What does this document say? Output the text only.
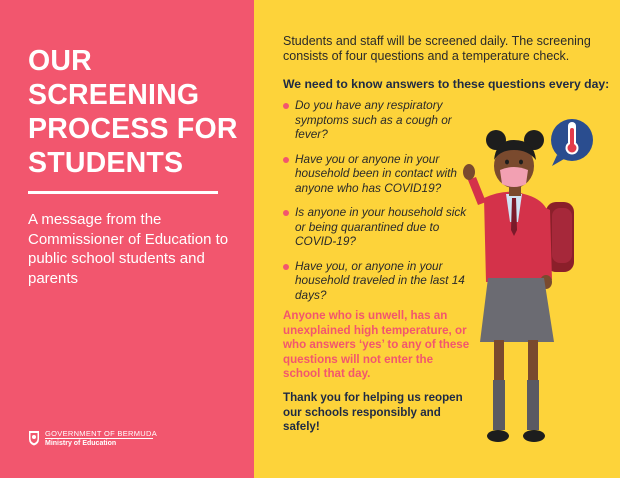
OUR
SCREENING
PROCESS FOR
STUDENTS
A message from the Commissioner of Education to public school students and parents
GOVERNMENT OF BERMUDA
Ministry of Education
Students and staff will be screened daily. The screening consists of four questions and a temperature check.
We need to know answers to these questions every day:
Do you have any respiratory symptoms such as a cough or fever?
Have you or anyone in your household been in contact with anyone who has COVID19?
Is anyone in your household sick or being quarantined due to COVID-19?
Have you, or anyone in your household traveled in the last 14 days?
Anyone who is unwell, has an unexplained high temperature, or who answers ‘yes’ to any of these questions will not enter the school that day.
Thank you for helping us reopen our schools responsibly and safely!
